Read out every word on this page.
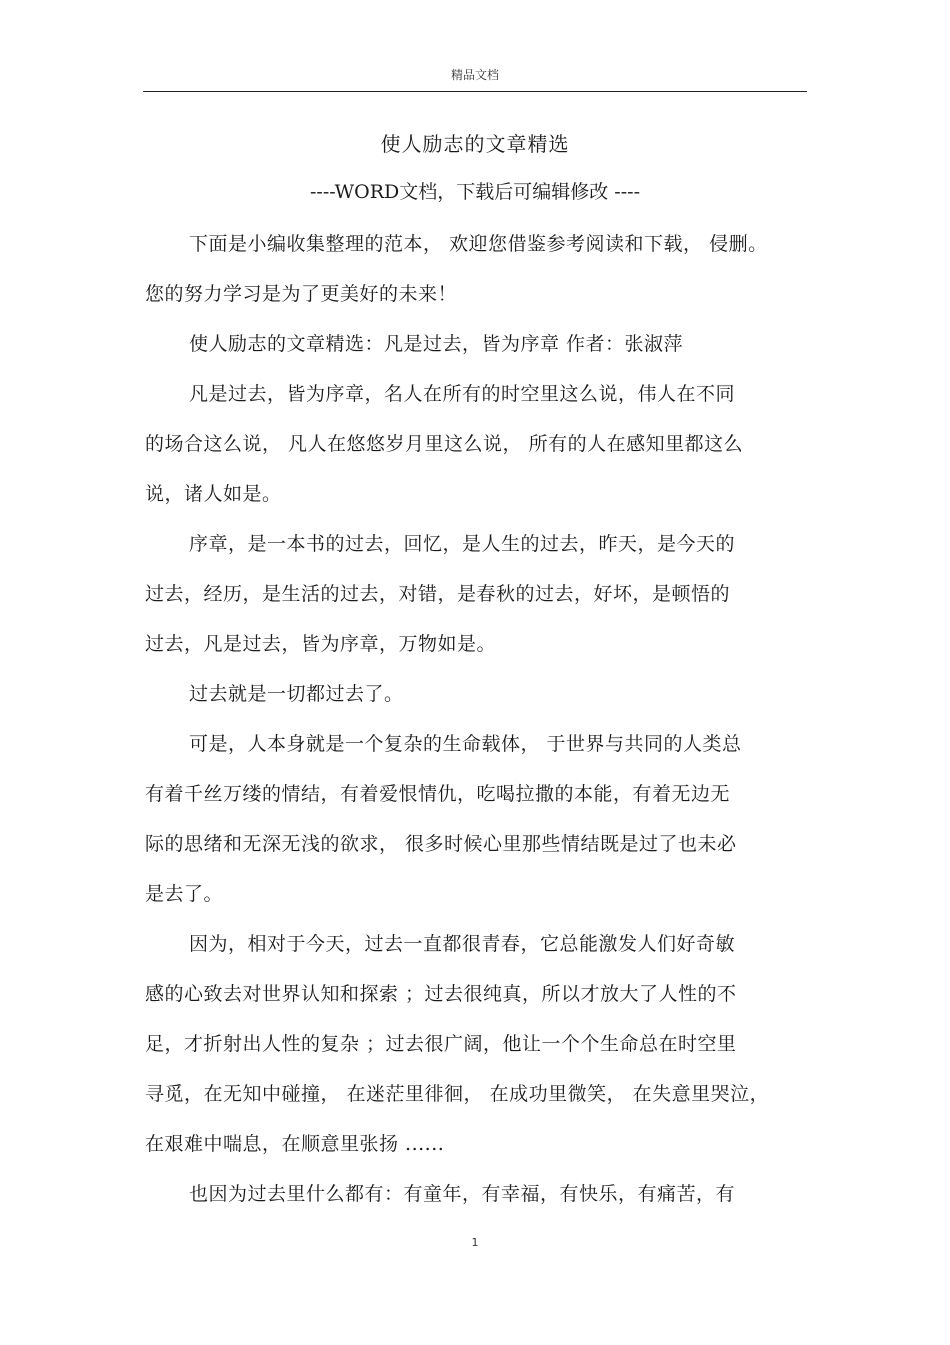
精品文档
使人励志的文章精选
----WORD文档，下载后可编辑修改 ----
下面是小编收集整理的范本， 欢迎您借鉴参考阅读和下载， 侵删。
您的努力学习是为了更美好的未来！
使人励志的文章精选：凡是过去，皆为序章 作者：张淑萍
凡是过去，皆为序章，名人在所有的时空里这么说，伟人在不同
的场合这么说， 凡人在悠悠岁月里这么说， 所有的人在感知里都这么
说，诸人如是。
序章，是一本书的过去，回忆，是人生的过去，昨天，是今天的
过去，经历，是生活的过去，对错，是春秋的过去，好坏，是顿悟的
过去，凡是过去，皆为序章，万物如是。
过去就是一切都过去了。
可是，人本身就是一个复杂的生命载体， 于世界与共同的人类总
有着千丝万缕的情结，有着爱恨情仇，吃喝拉撒的本能，有着无边无
际的思绪和无深无浅的欲求， 很多时候心里那些情结既是过了也未必
是去了。
因为，相对于今天，过去一直都很青春，它总能激发人们好奇敏
感的心致去对世界认知和探索 ；过去很纯真，所以才放大了人性的不
足，才折射出人性的复杂 ；过去很广阔，他让一个个生命总在时空里
寻觅，在无知中碰撞， 在迷茫里徘徊， 在成功里微笑， 在失意里哭泣，
在艰难中喘息，在顺意里张扬 ......
也因为过去里什么都有：有童年，有幸福，有快乐，有痛苦，有
1
